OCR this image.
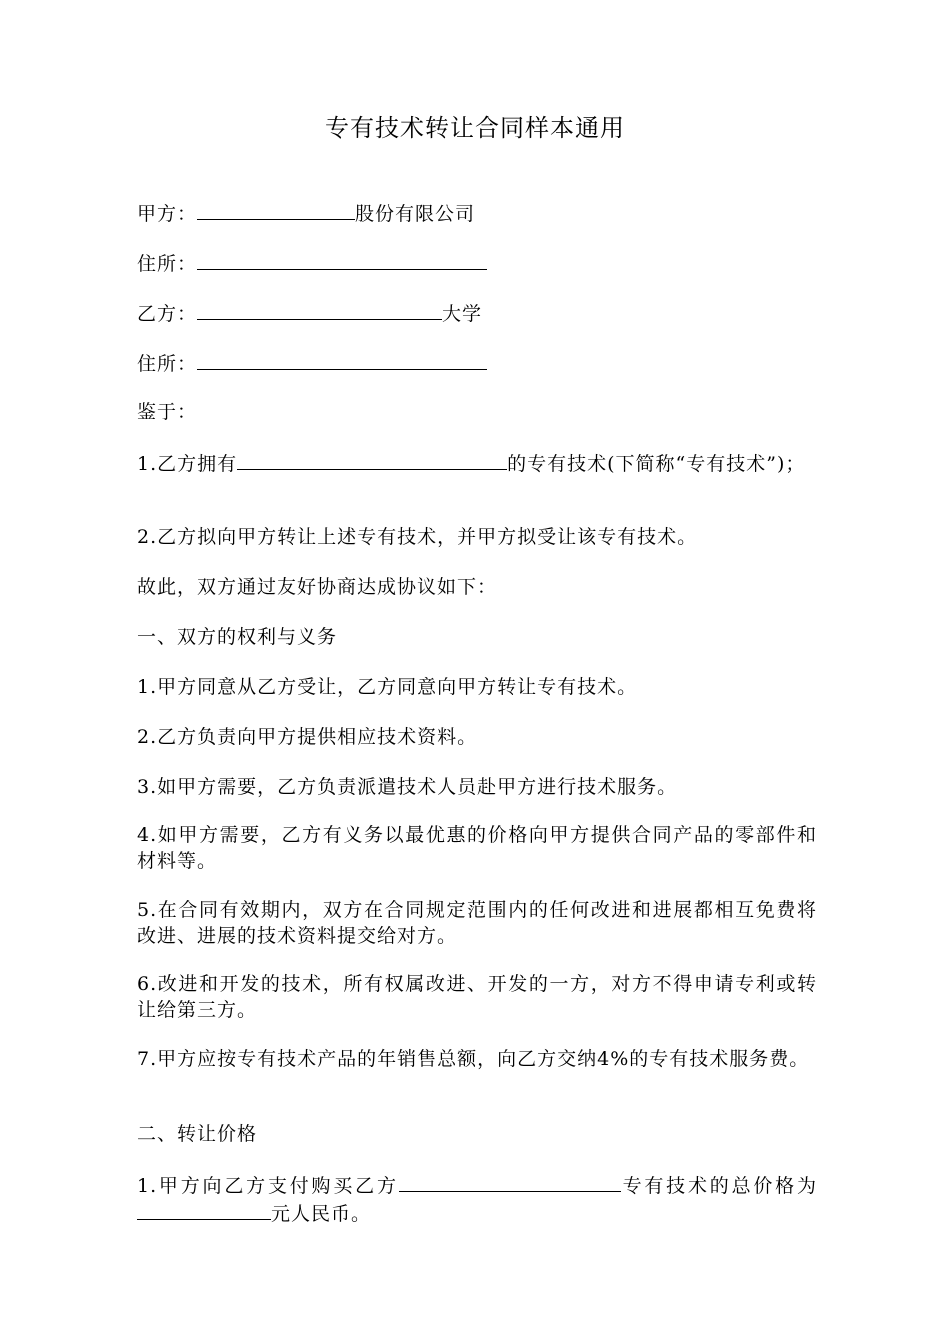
专有技术转让合同样本通用
甲方：	股份有限公司
住所：
乙方：	大学
住所：
鉴于：
1.乙方拥有	的专有技术(下简称“专有技术”)；
2.乙方拟向甲方转让上述专有技术，并甲方拟受让该专有技术。
故此，双方通过友好协商达成协议如下：
一、双方的权利与义务
1.甲方同意从乙方受让，乙方同意向甲方转让专有技术。
2.乙方负责向甲方提供相应技术资料。
3.如甲方需要，乙方负责派遣技术人员赴甲方进行技术服务。
4.如甲方需要，乙方有义务以最优惠的价格向甲方提供合同产品的零部件和材料等。
5.在合同有效期内，双方在合同规定范围内的任何改进和进展都相互免费将改进、进展的技术资料提交给对方。
6.改进和开发的技术，所有权属改进、开发的一方，对方不得申请专利或转让给第三方。
7.甲方应按专有技术产品的年销售总额，向乙方交纳4%的专有技术服务费。
二、转让价格
1.甲方向乙方支付购买乙方	专有技术的总价格为元人民币。
